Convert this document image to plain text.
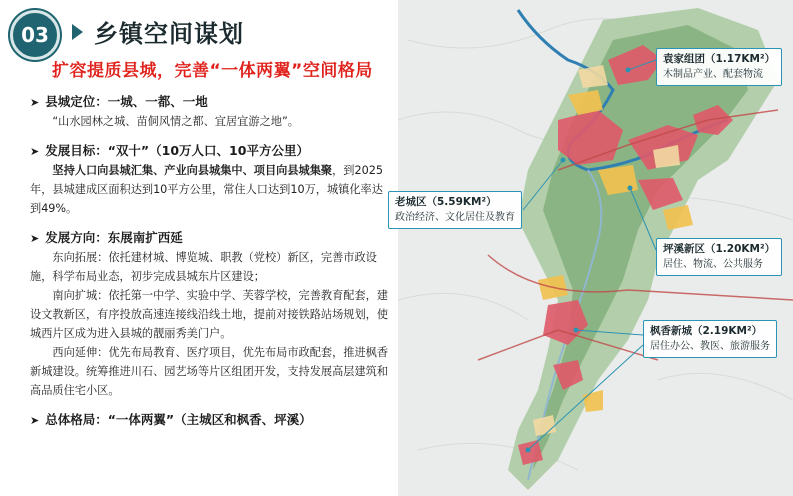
03	乡镇空间谋划
扩容提质县城，完善“一体两翼”空间格局
➤ 县城定位：一城、一都、一地
“山水园林之城、苗侗风情之都、宜居宜游之地”。
➤ 发展目标：“双十”（10万人口、10平方公里）
坚持人口向县城汇集、产业向县城集中、项目向县城集聚，到2025年，县城建成区面积达到10平方公里，常住人口达到10万，城镇化率达到49%。
➤ 发展方向：东展南扩西延
东向拓展：依托建材城、博览城、职教（党校）新区，完善市政设施，科学布局业态，初步完成县城东片区建设；
南向扩城：依托第一中学、实验中学、芙蓉学校，完善教育配套，建设文教新区，有序投放高速连接线沿线土地，提前对接铁路站场规划，使城西片区成为进入县城的靓丽秀美门户。
西向延伸：优先布局教育、医疗项目，优先布局市政配套，推进枫香新城建设。统筹推进川石、园艺场等片区组团开发，支持发展高层建筑和高品质住宅小区。
➤ 总体格局：“一体两翼”（主城区和枫香、坪溪）
袁家组团（1.17KM²）
木制品产业、配套物流
老城区（5.59KM²）
政治经济、文化居住及教育
坪溪新区（1.20KM²）
居住、物流、公共服务
枫香新城（2.19KM²）
居住办公、教医、旅游服务
